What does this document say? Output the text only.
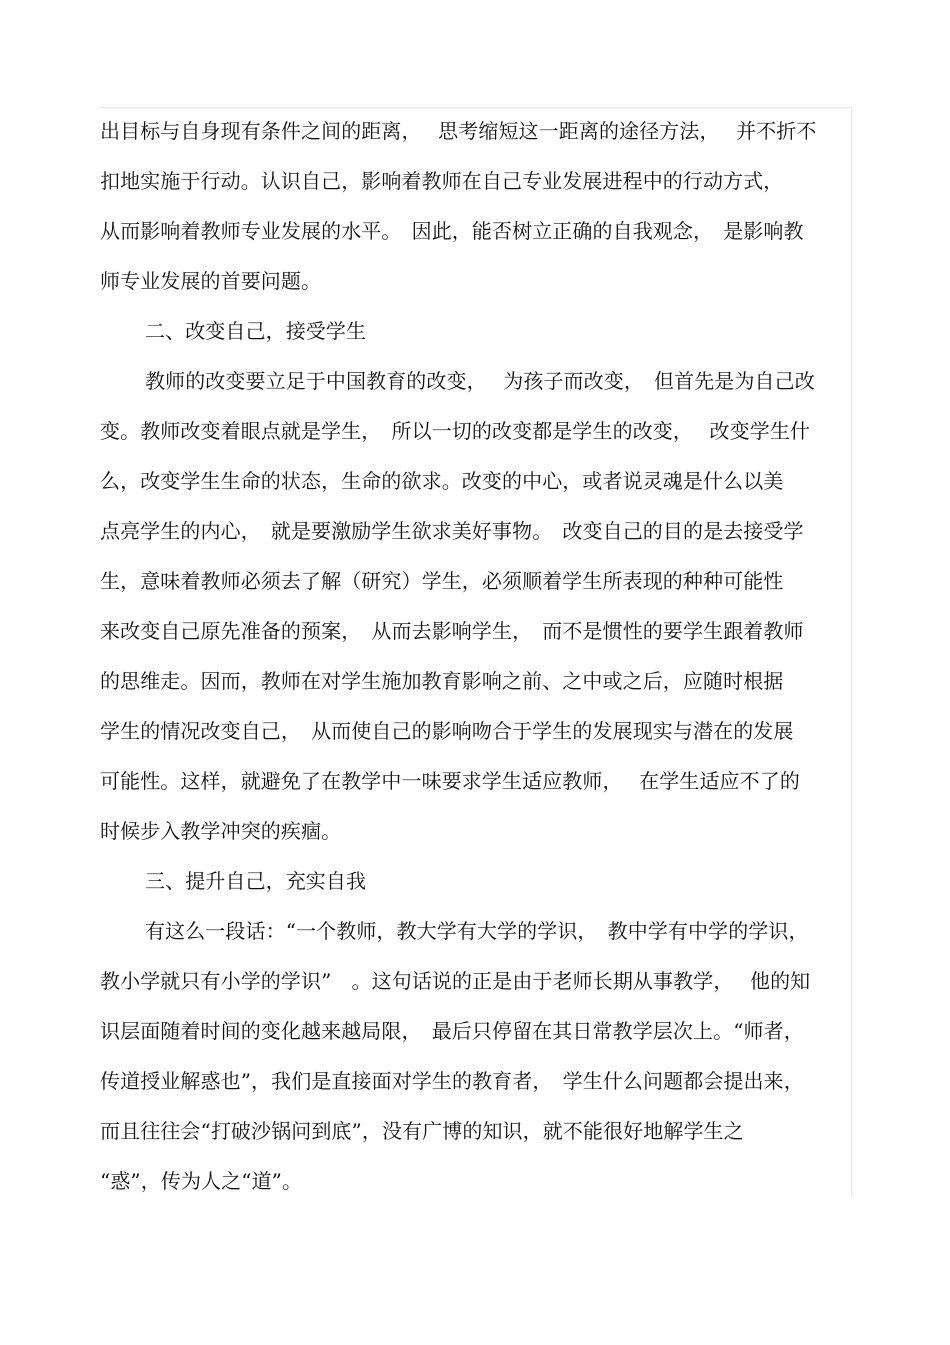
出目标与自身现有条件之间的距离，　 思考缩短这一距离的途径方法，　 并不折不
扣地实施于行动。认识自己，影响着教师在自己专业发展进程中的行动方式，
从而影响着教师专业发展的水平。　因此，能否树立正确的自我观念，　是影响教
师专业发展的首要问题。
二、改变自己，接受学生
教师的改变要立足于中国教育的改变，　 为孩子而改变，　但首先是为自己改
变。教师改变着眼点就是学生，　所以一切的改变都是学生的改变，　 改变学生什
么，改变学生生命的状态，生命的欲求。改变的中心，或者说灵魂是什么以美
点亮学生的内心，　就是要激励学生欲求美好事物。　改变自己的目的是去接受学
生，意味着教师必须去了解（研究）学生，必须顺着学生所表现的种种可能性
来改变自己原先准备的预案，　从而去影响学生，　而不是惯性的要学生跟着教师
的思维走。因而，教师在对学生施加教育影响之前、之中或之后，应随时根据
学生的情况改变自己，　从而使自己的影响吻合于学生的发展现实与潜在的发展
可能性。这样，就避免了在教学中一味要求学生适应教师，　 在学生适应不了的
时候步入教学冲突的疾痼。
三、提升自己，充实自我
有这么一段话：“一个教师，教大学有大学的学识，　教中学有中学的学识，
教小学就只有小学的学识”　。这句话说的正是由于老师长期从事教学，　 他的知
识层面随着时间的变化越来越局限，　最后只停留在其日常教学层次上。“师者，
传道授业解惑也”，我们是直接面对学生的教育者，　学生什么问题都会提出来，
而且往往会“打破沙锅问到底”，没有广博的知识，就不能很好地解学生之
“惑”，传为人之“道”。
